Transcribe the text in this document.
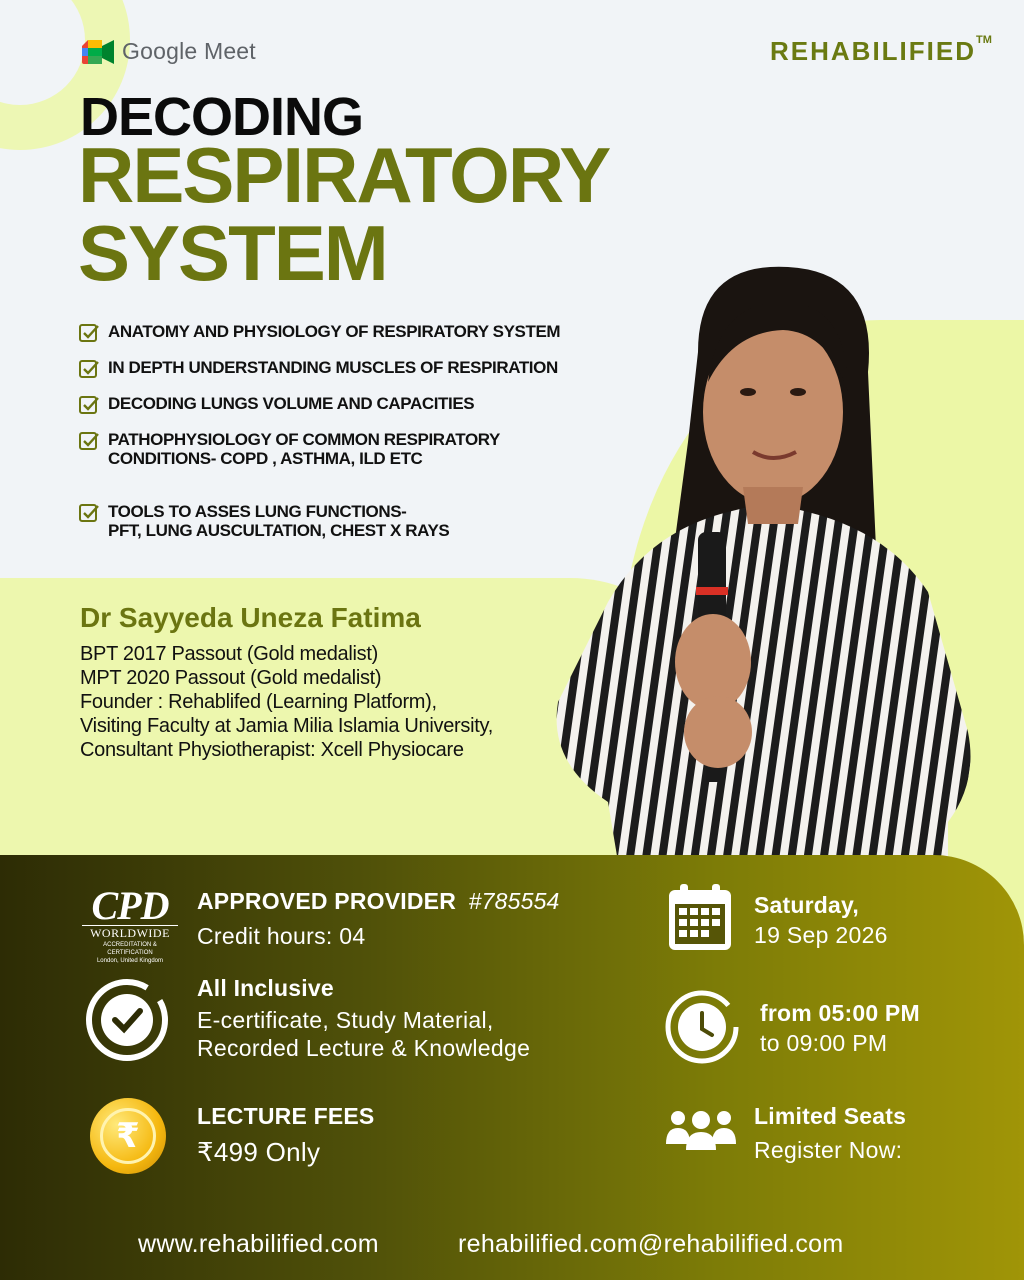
Google Meet	REHABILIFIED™
DECODING
RESPIRATORY
SYSTEM
ANATOMY AND PHYSIOLOGY OF RESPIRATORY SYSTEM
IN DEPTH UNDERSTANDING MUSCLES OF RESPIRATION
DECODING LUNGS VOLUME AND CAPACITIES
PATHOPHYSIOLOGY OF COMMON RESPIRATORY
CONDITIONS- COPD , ASTHMA, ILD ETC
TOOLS TO ASSES LUNG FUNCTIONS-
PFT, LUNG AUSCULTATION, CHEST X RAYS
Dr Sayyeda Uneza Fatima
BPT 2017 Passout (Gold medalist)
MPT 2020 Passout (Gold medalist)
Founder : Rehablifed (Learning Platform),
Visiting Faculty at Jamia Milia Islamia University,
Consultant Physiotherapist: Xcell Physiocare
CPD
WORLDWIDE
ACCREDITATION & CERTIFICATION
London, United Kingdom
APPROVED PROVIDER #785554
Credit hours: 04
All Inclusive
E-certificate, Study Material,
Recorded Lecture & Knowledge
₹
LECTURE FEES
₹499 Only
Saturday,
19 Sep 2026
from 05:00 PM
to 09:00 PM
Limited Seats
Register Now:
www.rehabilified.com	rehabilified.com@rehabilified.com
